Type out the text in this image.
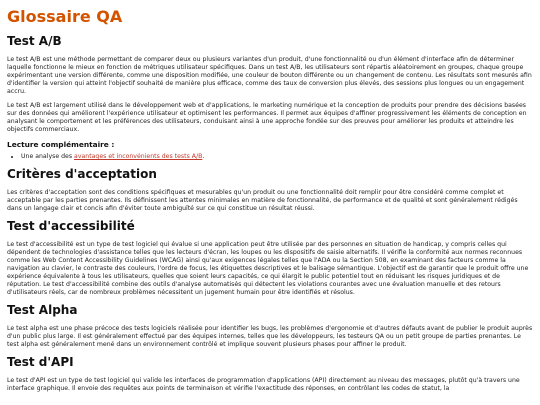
Glossaire QA
Test A/B

Le test A/B est une méthode permettant de comparer deux ou plusieurs variantes d'un produit, d'une fonctionnalité ou d'un élément d'interface afin de déterminer laquelle fonctionne le mieux en fonction de métriques utilisateur spécifiques. Dans un test A/B, les utilisateurs sont répartis aléatoirement en groupes, chaque groupe expérimentant une version différente, comme une disposition modifiée, une couleur de bouton différente ou un changement de contenu. Les résultats sont mesurés afin d'identifier la version qui atteint l'objectif souhaité de manière plus efficace, comme des taux de conversion plus élevés, des sessions plus longues ou un engagement accru.

Le test A/B est largement utilisé dans le développement web et d'applications, le marketing numérique et la conception de produits pour prendre des décisions basées sur des données qui améliorent l'expérience utilisateur et optimisent les performances. Il permet aux équipes d'affiner progressivement les éléments de conception en analysant le comportement et les préférences des utilisateurs, conduisant ainsi à une approche fondée sur des preuves pour améliorer les produits et atteindre les objectifs commerciaux.

Lecture complémentaire :
• Une analyse des avantages et inconvénients des tests A/B.
Critères d'acceptation

Les critères d'acceptation sont des conditions spécifiques et mesurables qu'un produit ou une fonctionnalité doit remplir pour être considéré comme complet et acceptable par les parties prenantes. Ils définissent les attentes minimales en matière de fonctionnalité, de performance et de qualité et sont généralement rédigés dans un langage clair et concis afin d'éviter toute ambiguïté sur ce qui constitue un résultat réussi.

Test d'accessibilité

Le test d'accessibilité est un type de test logiciel qui évalue si une application peut être utilisée par des personnes en situation de handicap, y compris celles qui dépendent de technologies d'assistance telles que les lecteurs d'écran, les loupes ou les dispositifs de saisie alternatifs. Il vérifie la conformité aux normes reconnues comme les Web Content Accessibility Guidelines (WCAG) ainsi qu'aux exigences légales telles que l'ADA ou la Section 508, en examinant des facteurs comme la navigation au clavier, le contraste des couleurs, l'ordre de focus, les étiquettes descriptives et le balisage sémantique. L'objectif est de garantir que le produit offre une expérience équivalente à tous les utilisateurs, quelles que soient leurs capacités, ce qui élargit le public potentiel tout en réduisant les risques juridiques et de réputation. Le test d'accessibilité combine des outils d'analyse automatisés qui détectent les violations courantes avec une évaluation manuelle et des retours d'utilisateurs réels, car de nombreux problèmes nécessitent un jugement humain pour être identifiés et résolus.

Test Alpha

Le test alpha est une phase précoce des tests logiciels réalisée pour identifier les bugs, les problèmes d'ergonomie et d'autres défauts avant de publier le produit auprès d'un public plus large. Il est généralement effectué par des équipes internes, telles que les développeurs, les testeurs QA ou un petit groupe de parties prenantes. Le test alpha est généralement mené dans un environnement contrôlé et implique souvent plusieurs phases pour affiner le produit.

Test d'API

Le test d'API est un type de test logiciel qui valide les interfaces de programmation d'applications (API) directement au niveau des messages, plutôt qu'à travers une interface graphique. Il envoie des requêtes aux points de terminaison et vérifie l'exactitude des réponses, en contrôlant les codes de statut, la
